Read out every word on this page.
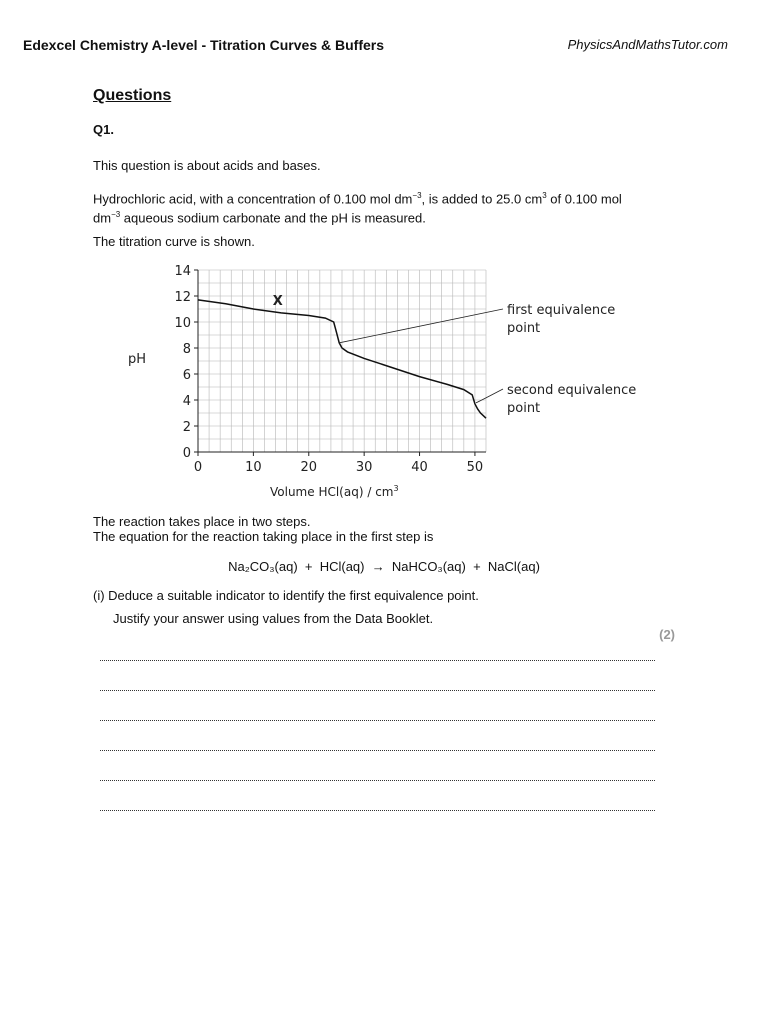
Edexcel Chemistry A-level - Titration Curves & Buffers	PhysicsAndMathsTutor.com
Questions
Q1.
This question is about acids and bases.
Hydrochloric acid, with a concentration of 0.100 mol $dm^{-3}$, is added to 25.0 $cm^3$ of 0.100 mol
$dm^{-3}$ aqueous sodium carbonate and the pH is measured.
The titration curve is shown.
0	10	20	30	40	50
0
2
4
6
8
10
12
14
X
first equivalence
point
second equivalence
point
pH
Volume $HCl(aq) / cm^3$
The reaction takes place in two steps.
The equation for the reaction taking place in the first step is
Na₂CO₃(aq)  +  HCl(aq)  →  NaHCO₃(aq)  +  NaCl(aq)
(i) Deduce a suitable indicator to identify the first equivalence point.
Justify your answer using values from the Data Booklet.
(2)
